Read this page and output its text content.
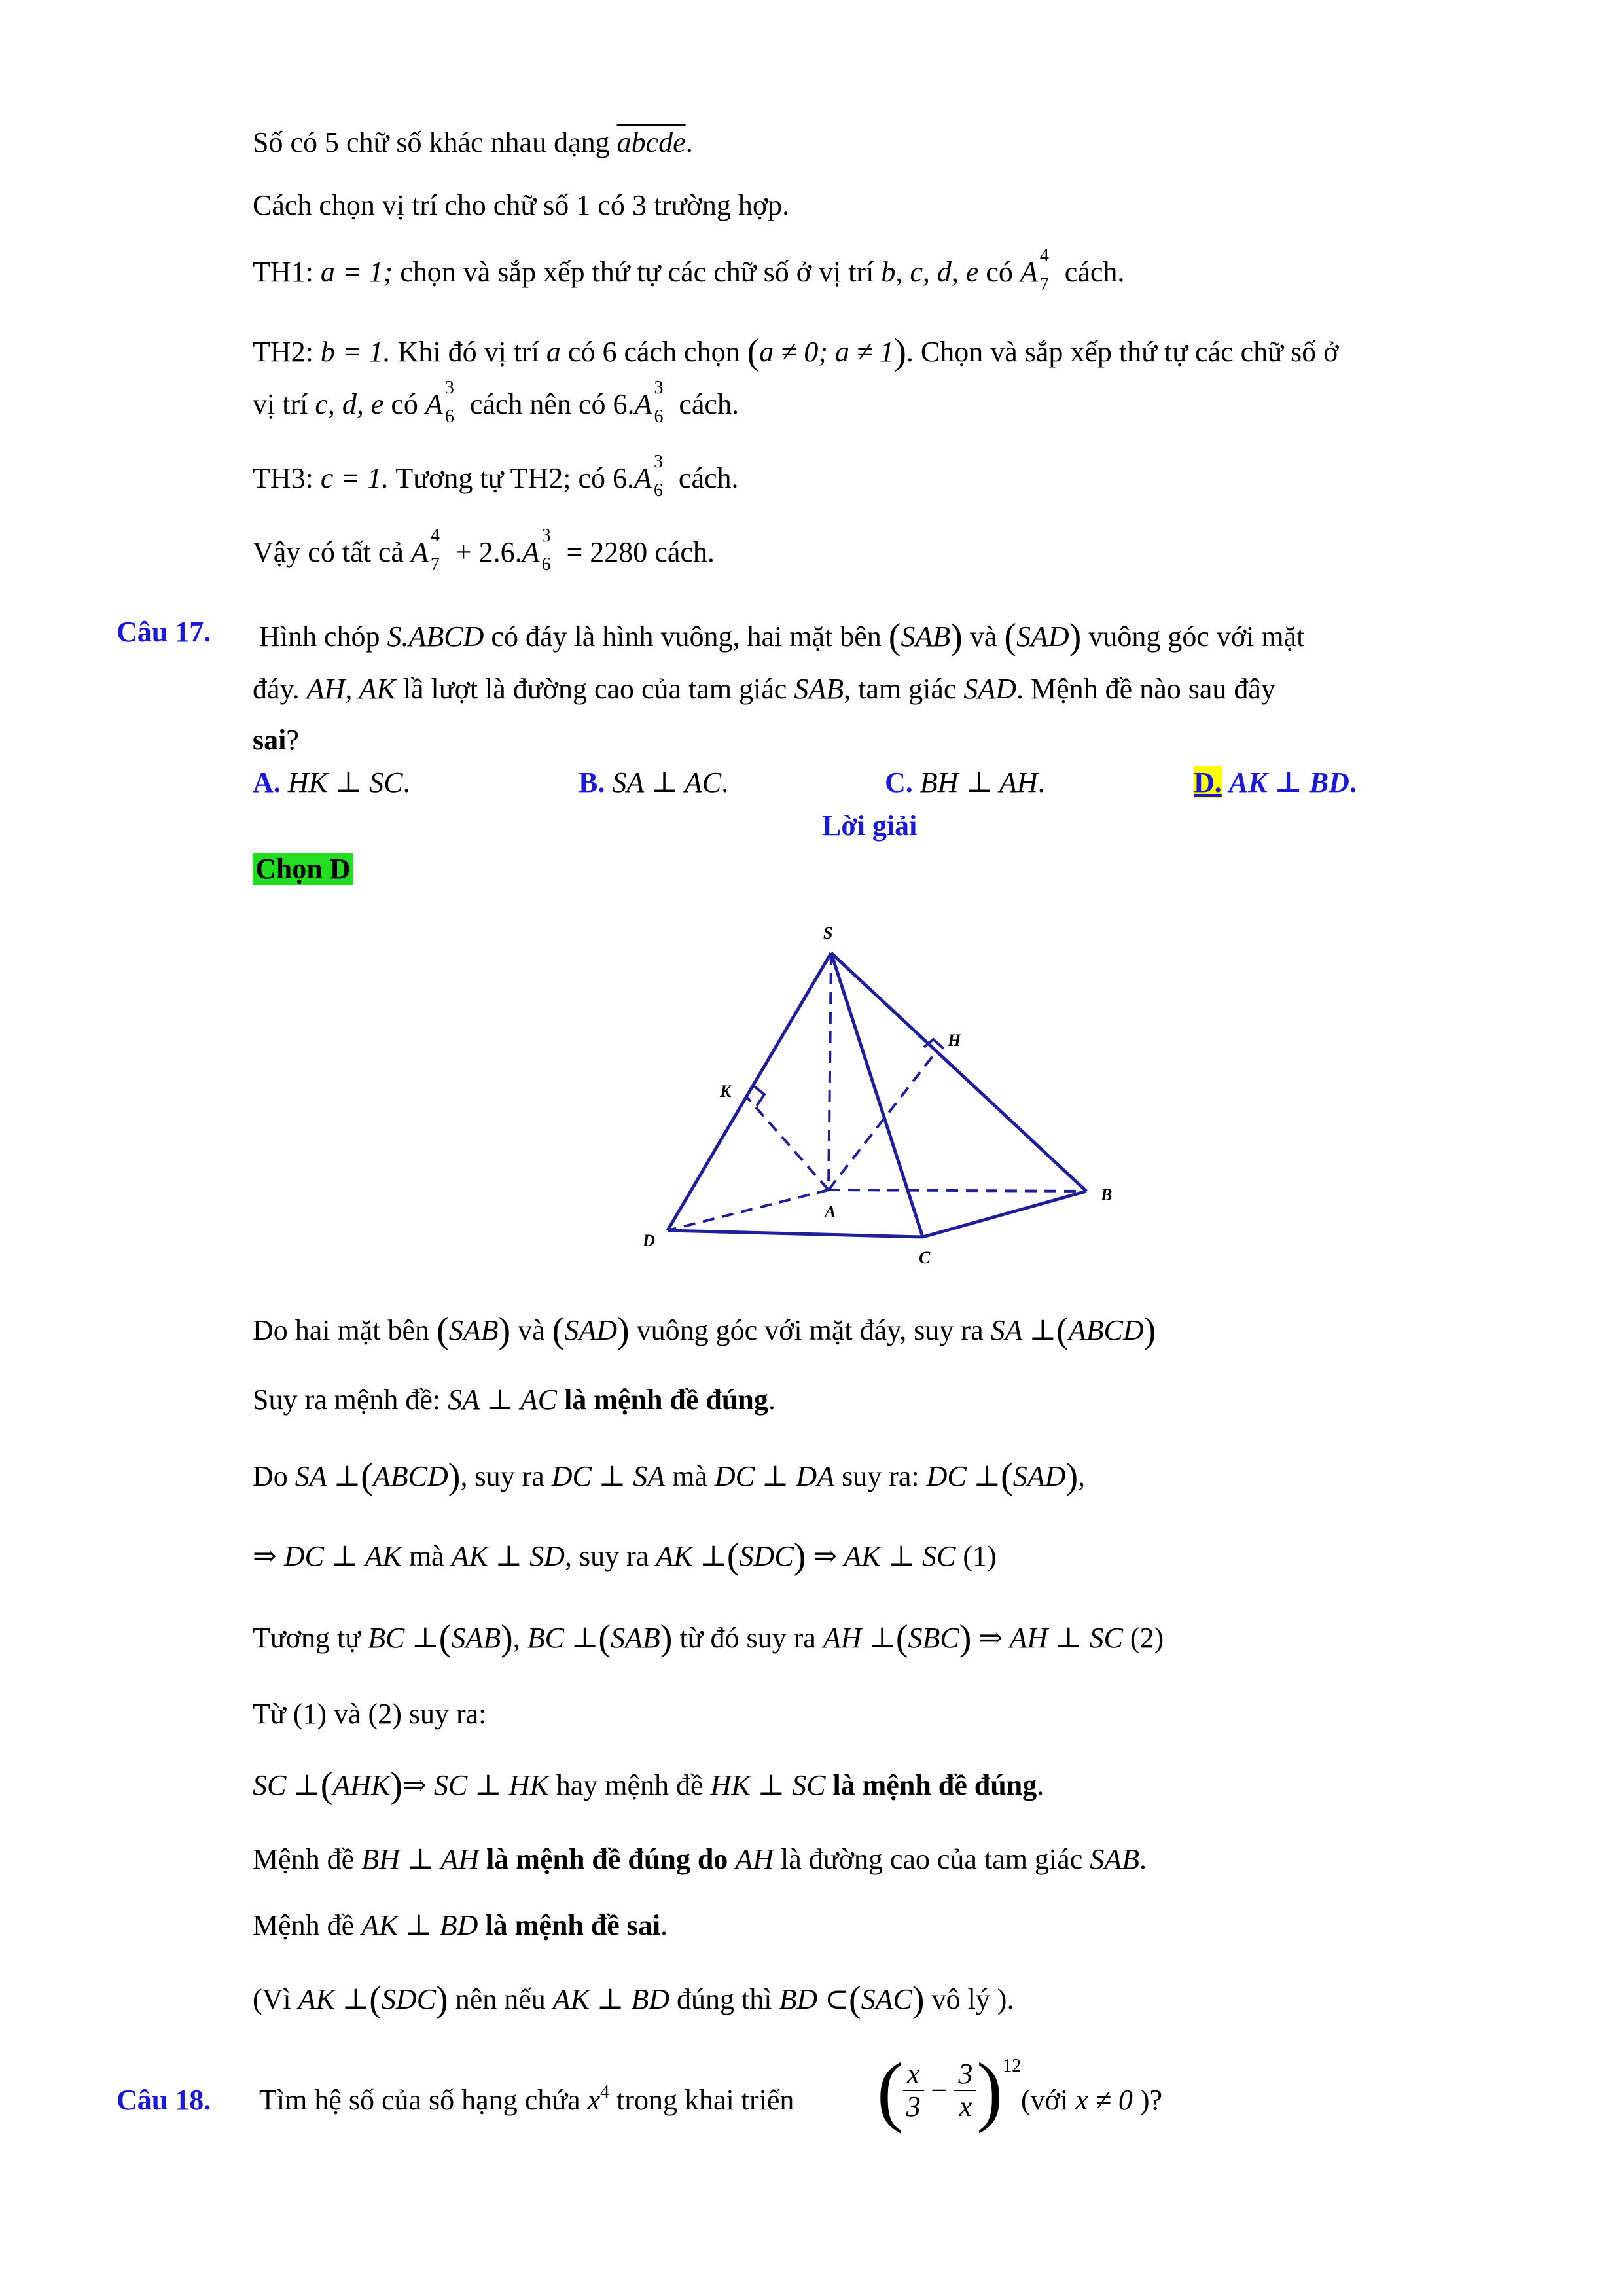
Số có 5 chữ số khác nhau dạng abcde.
Cách chọn vị trí cho chữ số 1 có 3 trường hợp.
TH1: a = 1; chọn và sắp xếp thứ tự các chữ số ở vị trí b, c, d, e có A
4
7 cách.
TH2: b = 1. Khi đó vị trí a có 6 cách chọn (a ≠ 0; a ≠ 1). Chọn và sắp xếp thứ tự các chữ số ở
vị trí c, d, e có A
3
6 cách nên có 6.A
3
6 cách.
TH3: c = 1. Tương tự TH2; có 6.A
3
6 cách.
Vậy có tất cả A
4
7 + 2.6.A
3
6 = 2280 cách.
Câu 17. Hình chóp S.ABCD có đáy là hình vuông, hai mặt bên (SAB) và (SAD) vuông góc với mặt
đáy. AH, AK lầ lượt là đường cao của tam giác SAB, tam giác SAD. Mệnh đề nào sau đây
sai?
A. HK ⊥ SC.	B. SA ⊥ AC.	C. BH ⊥ AH.	D. AK ⊥ BD.
Lời giải
Chọn D
S
H
K
A
B
D
C
Do hai mặt bên (SAB) và (SAD) vuông góc với mặt đáy, suy ra SA ⊥(ABCD)
Suy ra mệnh đề: SA ⊥ AC là mệnh đề đúng.
Do SA ⊥(ABCD), suy ra DC ⊥ SA mà DC ⊥ DA suy ra: DC ⊥(SAD),
⇒ DC ⊥ AK mà AK ⊥ SD, suy ra AK ⊥(SDC) ⇒ AK ⊥ SC (1)
Tương tự BC ⊥(SAB), BC ⊥(SAB) từ đó suy ra AH ⊥(SBC) ⇒ AH ⊥ SC (2)
Từ (1) và (2) suy ra:
SC ⊥(AHK)⇒ SC ⊥ HK hay mệnh đề HK ⊥ SC là mệnh đề đúng.
Mệnh đề BH ⊥ AH là mệnh đề đúng do AH là đường cao của tam giác SAB.
Mệnh đề AK ⊥ BD là mệnh đề sai.
(Vì AK ⊥(SDC) nên nếu AK ⊥ BD đúng thì BD ⊂(SAC) vô lý ).
Câu 18. Tìm hệ số của số hạng chứa $x^4$ trong khai triển ( $\frac{x}{3} - \frac{3}{x} )^{12}$
(với x ≠ 0 )?
